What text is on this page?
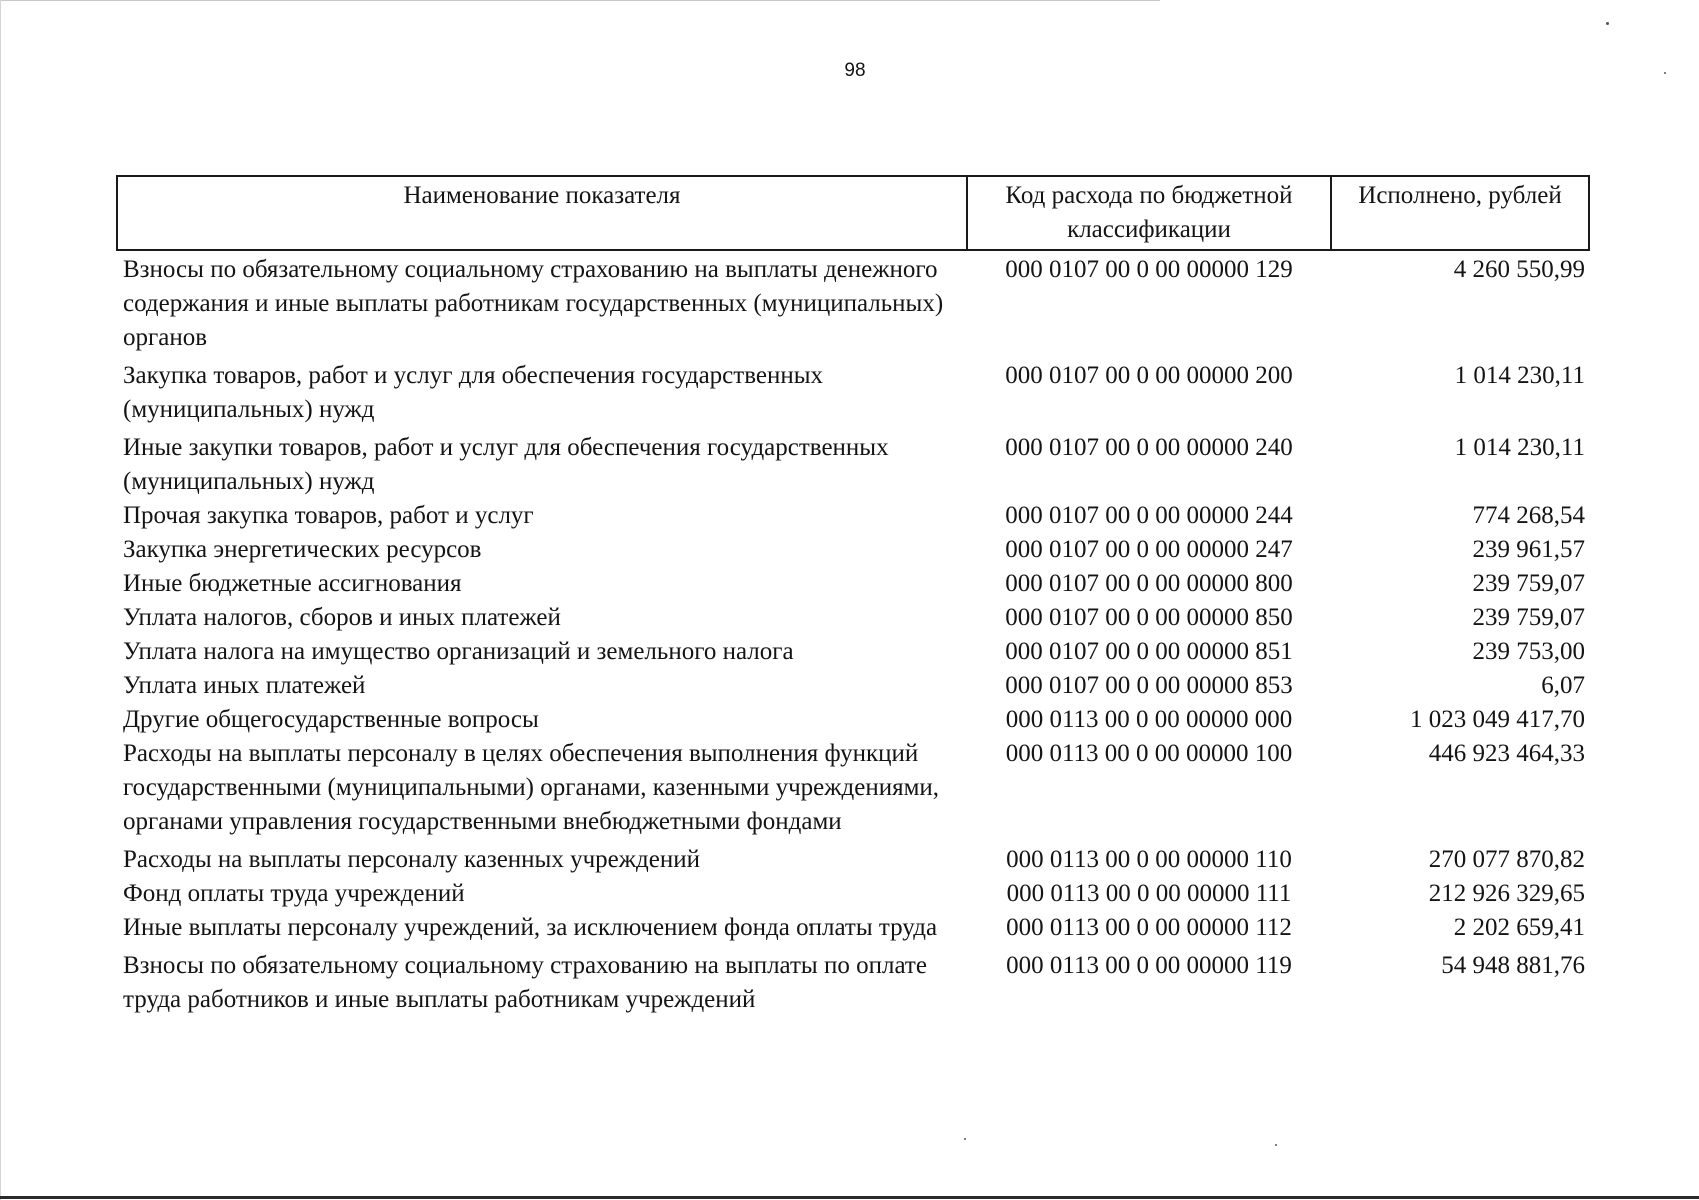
98
Наименование показателя	Код расхода по бюджетной классификации	Исполнено, рублей
Взносы по обязательному социальному страхованию на выплаты денежного содержания и иные выплаты работникам государственных (муниципальных) органов	000 0107 00 0 00 00000 129	4 260 550,99
Закупка товаров, работ и услуг для обеспечения государственных (муниципальных) нужд	000 0107 00 0 00 00000 200	1 014 230,11
Иные закупки товаров, работ и услуг для обеспечения государственных (муниципальных) нужд	000 0107 00 0 00 00000 240	1 014 230,11
Прочая закупка товаров, работ и услуг	000 0107 00 0 00 00000 244	774 268,54
Закупка энергетических ресурсов	000 0107 00 0 00 00000 247	239 961,57
Иные бюджетные ассигнования	000 0107 00 0 00 00000 800	239 759,07
Уплата налогов, сборов и иных платежей	000 0107 00 0 00 00000 850	239 759,07
Уплата налога на имущество организаций и земельного налога	000 0107 00 0 00 00000 851	239 753,00
Уплата иных платежей	000 0107 00 0 00 00000 853	6,07
Другие общегосударственные вопросы	000 0113 00 0 00 00000 000	1 023 049 417,70
Расходы на выплаты персоналу в целях обеспечения выполнения функций государственными (муниципальными) органами, казенными учреждениями, органами управления государственными внебюджетными фондами	000 0113 00 0 00 00000 100	446 923 464,33
Расходы на выплаты персоналу казенных учреждений	000 0113 00 0 00 00000 110	270 077 870,82
Фонд оплаты труда учреждений	000 0113 00 0 00 00000 111	212 926 329,65
Иные выплаты персоналу учреждений, за исключением фонда оплаты труда	000 0113 00 0 00 00000 112	2 202 659,41
Взносы по обязательному социальному страхованию на выплаты по оплате труда работников и иные выплаты работникам учреждений	000 0113 00 0 00 00000 119	54 948 881,76
